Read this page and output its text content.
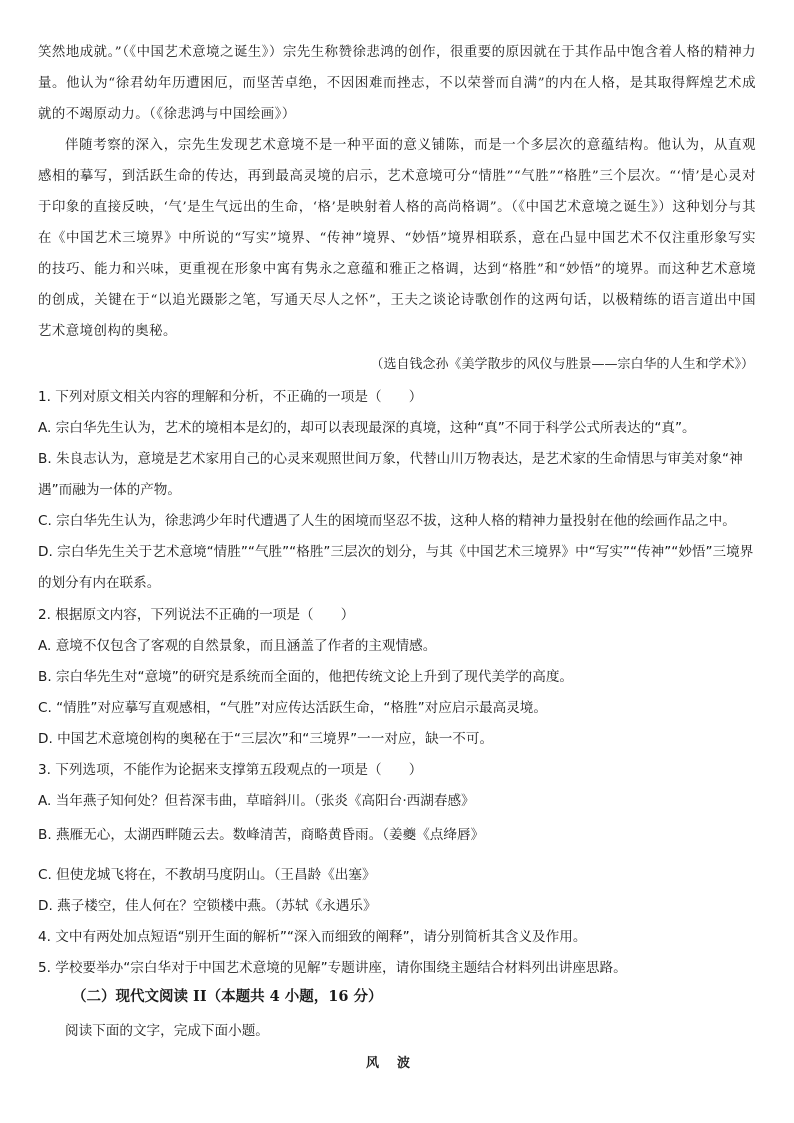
笑然地成就。”（《中国艺术意境之诞生》）宗先生称赞徐悲鸿的创作，很重要的原因就在于其作品中饱含着人格的精神力量。他认为“徐君幼年历遭困厄，而坚苦卓绝，不因困难而挫志，不以荣誉而自满”的内在人格，是其取得辉煌艺术成就的不竭原动力。（《徐悲鸿与中国绘画》）

伴随考察的深入，宗先生发现艺术意境不是一种平面的意义铺陈，而是一个多层次的意蕴结构。他认为，从直观感相的摹写，到活跃生命的传达，再到最高灵境的启示，艺术意境可分“情胜”“气胜”“格胜”三个层次。“‘情’是心灵对于印象的直接反映，‘气’是生气远出的生命，‘格’是映射着人格的高尚格调”。（《中国艺术意境之诞生》）这种划分与其在《中国艺术三境界》中所说的“写实”境界、“传神”境界、“妙悟”境界相联系，意在凸显中国艺术不仅注重形象写实的技巧、能力和兴味，更重视在形象中寓有隽永之意蕴和雅正之格调，达到“格胜”和“妙悟”的境界。而这种艺术意境的创成，关键在于“以追光蹑影之笔，写通天尽人之怀”，王夫之谈论诗歌创作的这两句话，以极精练的语言道出中国艺术意境创构的奥秘。

（选自钱念孙《美学散步的风仪与胜景——宗白华的人生和学术》）
1. 下列对原文相关内容的理解和分析，不正确的一项是（　　）
A. 宗白华先生认为，艺术的境相本是幻的，却可以表现最深的真境，这种“真”不同于科学公式所表达的“真”。
B. 朱良志认为，意境是艺术家用自己的心灵来观照世间万象，代替山川万物表达，是艺术家的生命情思与审美对象“神遇”而融为一体的产物。
C. 宗白华先生认为，徐悲鸿少年时代遭遇了人生的困境而坚忍不拔，这种人格的精神力量投射在他的绘画作品之中。
D. 宗白华先生关于艺术意境“情胜”“气胜”“格胜”三层次的划分，与其《中国艺术三境界》中“写实”“传神”“妙悟”三境界的划分有内在联系。
2. 根据原文内容，下列说法不正确的一项是（　　）
A. 意境不仅包含了客观的自然景象，而且涵盖了作者的主观情感。
B. 宗白华先生对“意境”的研究是系统而全面的，他把传统文论上升到了现代美学的高度。
C. “情胜”对应摹写直观感相，“气胜”对应传达活跃生命，“格胜”对应启示最高灵境。
D. 中国艺术意境创构的奥秘在于“三层次”和“三境界”一一对应，缺一不可。
3. 下列选项，不能作为论据来支撑第五段观点的一项是（　　）
A. 当年燕子知何处？但苔深韦曲，草暗斜川。（张炎《高阳台·西湖春感》
B. 燕雁无心，太湖西畔随云去。数峰清苦，商略黄昏雨。（姜夔《点绛唇》
C. 但使龙城飞将在，不教胡马度阴山。（王昌龄《出塞》
D. 燕子楼空，佳人何在？空锁楼中燕。（苏轼《永遇乐》
4. 文中有两处加点短语“别开生面的解析”“深入而细致的阐释”，请分别简析其含义及作用。
5. 学校要举办“宗白华对于中国艺术意境的见解”专题讲座，请你围绕主题结合材料列出讲座思路。
（二）现代文阅读 II（本题共 4 小题，16 分）
阅读下面的文字，完成下面小题。
风波
